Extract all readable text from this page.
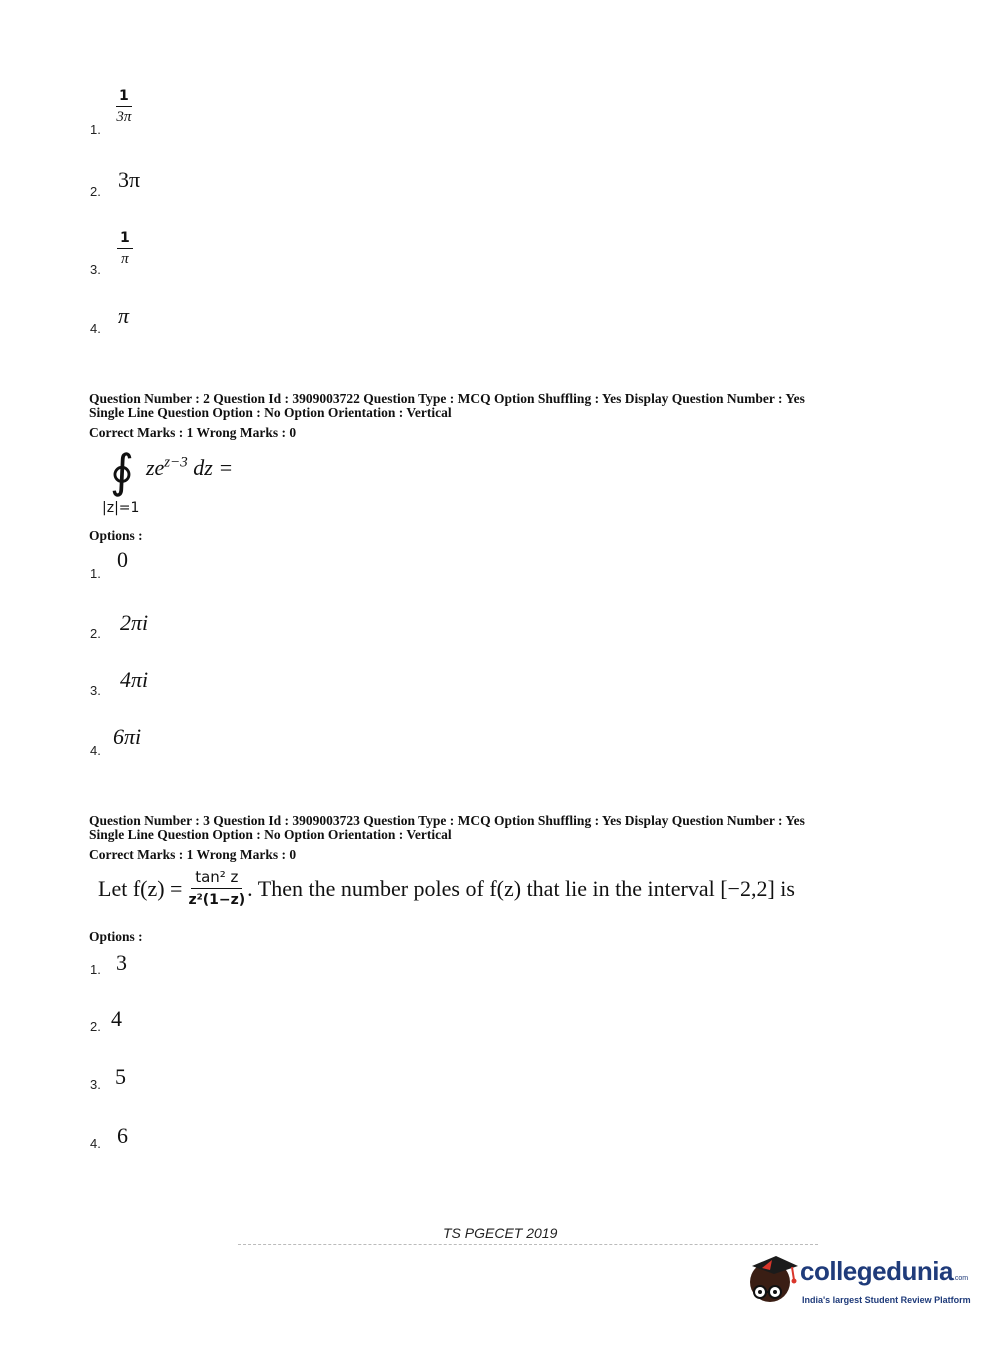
1.
$\frac{1}{3\pi}$
2. 3π
3.
$\frac{1}{\pi}$
4.
π
Question Number : 2 Question Id : 3909003722 Question Type : MCQ Option Shuffling : Yes Display Question Number : Yes
Single Line Question Option : No Option Orientation : Vertical
Correct Marks : 1 Wrong Marks : 0
∮ $ze^{z-3}$ dz =
|z|=1
Options :
1.
0
2. 2πi
3. 4πi
4.
6πi
Question Number : 3 Question Id : 3909003723 Question Type : MCQ Option Shuffling : Yes Display Question Number : Yes
Single Line Question Option : No Option Orientation : Vertical
Correct Marks : 1 Wrong Marks : 0
Let $f(z) = \frac{\text{tan² z}}{\text{z²(1−z)}}$ . Then the number poles of f(z) that lie in the interval [−2,2] is
Options :
1. 3
2. 4
3. 5
4. 6
TS PGECET 2019
collegedunia.com
India's largest Student Review Platform
